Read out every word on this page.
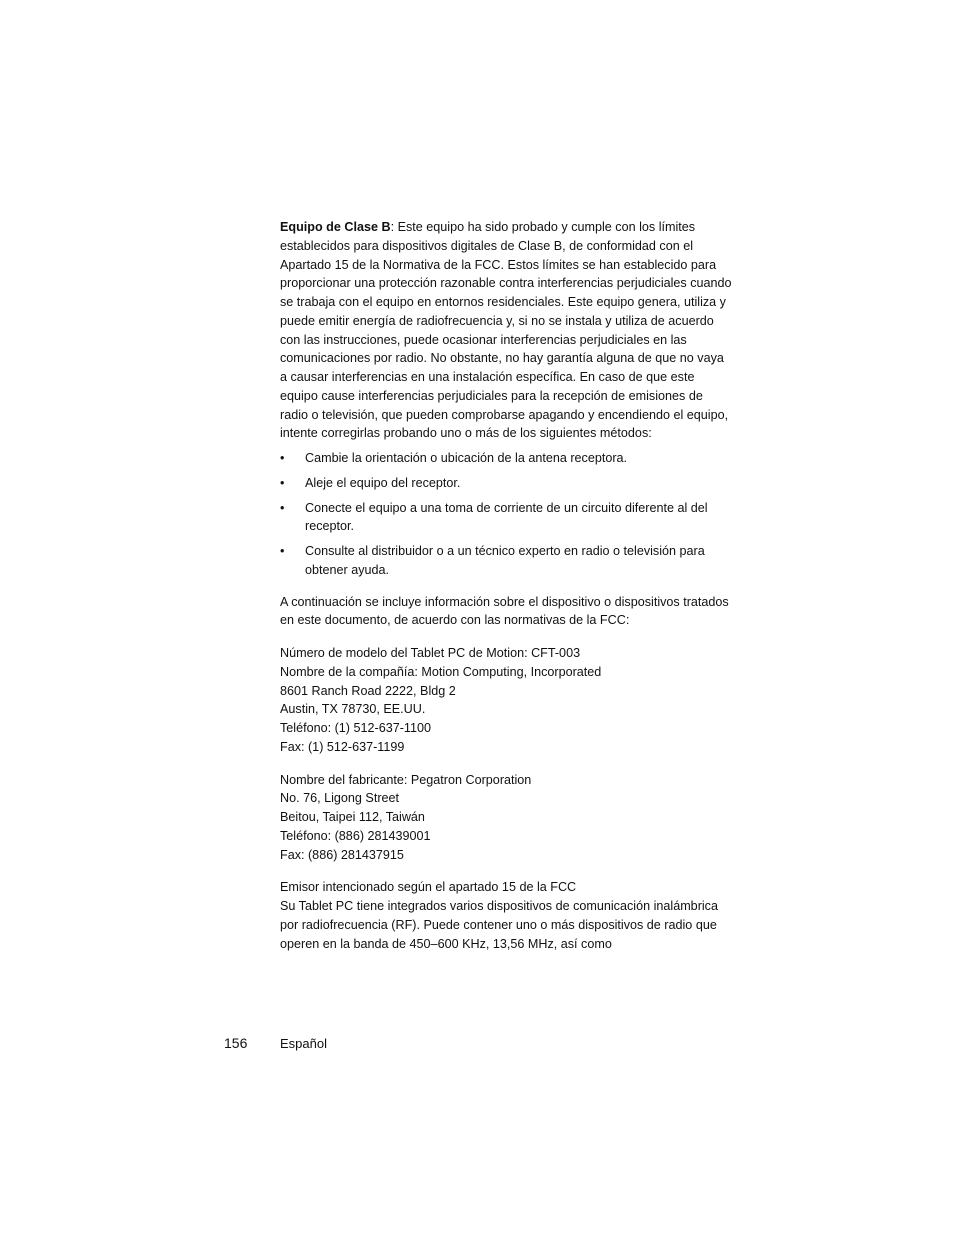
Equipo de Clase B: Este equipo ha sido probado y cumple con los límites establecidos para dispositivos digitales de Clase B, de conformidad con el Apartado 15 de la Normativa de la FCC. Estos límites se han establecido para proporcionar una protección razonable contra interferencias perjudiciales cuando se trabaja con el equipo en entornos residenciales. Este equipo genera, utiliza y puede emitir energía de radiofrecuencia y, si no se instala y utiliza de acuerdo con las instrucciones, puede ocasionar interferencias perjudiciales en las comunicaciones por radio. No obstante, no hay garantía alguna de que no vaya a causar interferencias en una instalación específica. En caso de que este equipo cause interferencias perjudiciales para la recepción de emisiones de radio o televisión, que pueden comprobarse apagando y encendiendo el equipo, intente corregirlas probando uno o más de los siguientes métodos:

• Cambie la orientación o ubicación de la antena receptora.
• Aleje el equipo del receptor.
• Conecte el equipo a una toma de corriente de un circuito diferente al del receptor.
• Consulte al distribuidor o a un técnico experto en radio o televisión para obtener ayuda.

A continuación se incluye información sobre el dispositivo o dispositivos tratados en este documento, de acuerdo con las normativas de la FCC:

Número de modelo del Tablet PC de Motion: CFT-003
Nombre de la compañía: Motion Computing, Incorporated
8601 Ranch Road 2222, Bldg 2
Austin, TX 78730, EE.UU.
Teléfono: (1) 512-637-1100
Fax: (1) 512-637-1199
Nombre del fabricante: Pegatron Corporation
No. 76, Ligong Street
Beitou, Taipei 112, Taiwán
Teléfono: (886) 281439001
Fax: (886) 281437915
Emisor intencionado según el apartado 15 de la FCC
Su Tablet PC tiene integrados varios dispositivos de comunicación inalámbrica por radiofrecuencia (RF). Puede contener uno o más dispositivos de radio que operen en la banda de 450–600 KHz, 13,56 MHz, así como
156	Español
